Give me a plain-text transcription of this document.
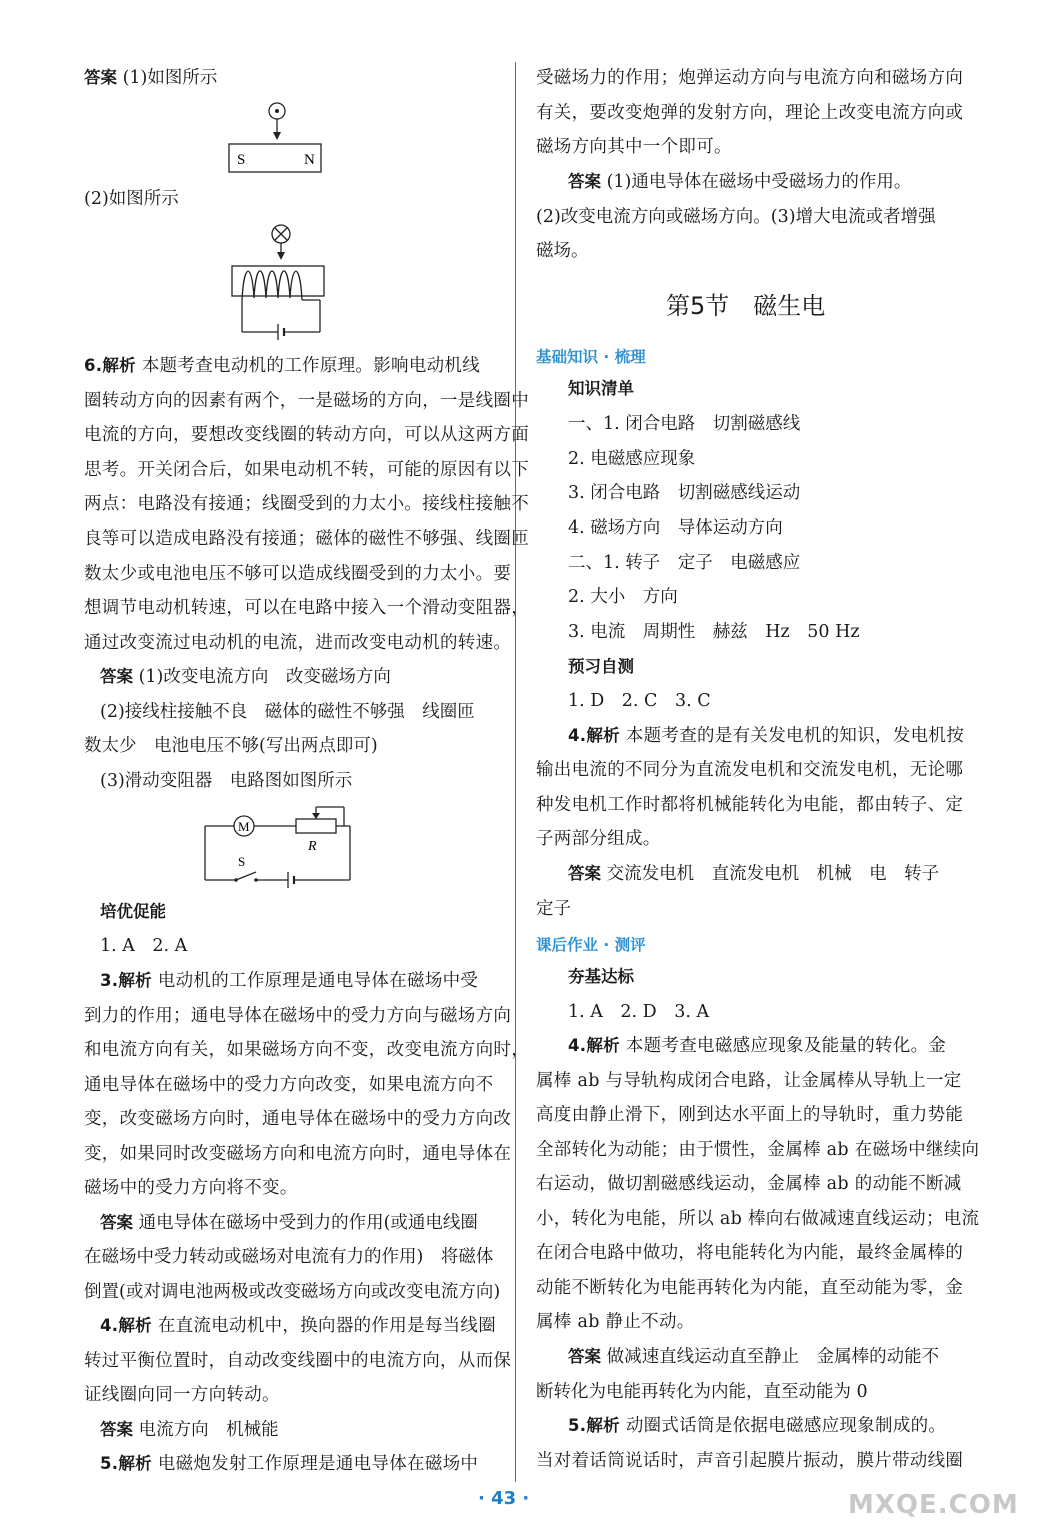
答案 (1)如图所示
S	N
(2)如图所示
6.解析 本题考查电动机的工作原理。影响电动机线
圈转动方向的因素有两个，一是磁场的方向，一是线圈中
电流的方向，要想改变线圈的转动方向，可以从这两方面
思考。开关闭合后，如果电动机不转，可能的原因有以下
两点：电路没有接通；线圈受到的力太小。接线柱接触不
良等可以造成电路没有接通；磁体的磁性不够强、线圈匝
数太少或电池电压不够可以造成线圈受到的力太小。要
想调节电动机转速，可以在电路中接入一个滑动变阻器，
通过改变流过电动机的电流，进而改变电动机的转速。
答案 (1)改变电流方向　改变磁场方向
(2)接线柱接触不良　磁体的磁性不够强　线圈匝
数太少　电池电压不够(写出两点即可)
(3)滑动变阻器　电路图如图所示
M
R
S
培优促能
1. A　2. A
3.解析 电动机的工作原理是通电导体在磁场中受
到力的作用；通电导体在磁场中的受力方向与磁场方向
和电流方向有关，如果磁场方向不变，改变电流方向时，
通电导体在磁场中的受力方向改变，如果电流方向不
变，改变磁场方向时，通电导体在磁场中的受力方向改
变，如果同时改变磁场方向和电流方向时，通电导体在
磁场中的受力方向将不变。
答案 通电导体在磁场中受到力的作用(或通电线圈
在磁场中受力转动或磁场对电流有力的作用)　将磁体
倒置(或对调电池两极或改变磁场方向或改变电流方向)
4.解析 在直流电动机中，换向器的作用是每当线圈
转过平衡位置时，自动改变线圈中的电流方向，从而保
证线圈向同一方向转动。
答案 电流方向　机械能
5.解析 电磁炮发射工作原理是通电导体在磁场中
受磁场力的作用；炮弹运动方向与电流方向和磁场方向
有关，要改变炮弹的发射方向，理论上改变电流方向或
磁场方向其中一个即可。
答案 (1)通电导体在磁场中受磁场力的作用。
(2)改变电流方向或磁场方向。(3)增大电流或者增强
磁场。
第5节　磁生电
基础知识 · 梳理
知识清单
一、1. 闭合电路　切割磁感线
2. 电磁感应现象
3. 闭合电路　切割磁感线运动
4. 磁场方向　导体运动方向
二、1. 转子　定子　电磁感应
2. 大小　方向
3. 电流　周期性　赫兹　Hz　50 Hz
预习自测
1. D　2. C　3. C
4.解析 本题考查的是有关发电机的知识，发电机按
输出电流的不同分为直流发电机和交流发电机，无论哪
种发电机工作时都将机械能转化为电能，都由转子、定
子两部分组成。
答案 交流发电机　直流发电机　机械　电　转子
定子
课后作业 · 测评
夯基达标
1. A　2. D　3. A
4.解析 本题考查电磁感应现象及能量的转化。金
属棒 ab 与导轨构成闭合电路，让金属棒从导轨上一定
高度由静止滑下，刚到达水平面上的导轨时，重力势能
全部转化为动能；由于惯性，金属棒 ab 在磁场中继续向
右运动，做切割磁感线运动，金属棒 ab 的动能不断减
小，转化为电能，所以 ab 棒向右做减速直线运动；电流
在闭合电路中做功，将电能转化为内能，最终金属棒的
动能不断转化为电能再转化为内能，直至动能为零，金
属棒 ab 静止不动。
答案 做减速直线运动直至静止　金属棒的动能不
断转化为电能再转化为内能，直至动能为 0
5.解析 动圈式话筒是依据电磁感应现象制成的。
当对着话筒说话时，声音引起膜片振动，膜片带动线圈
· 43 ·	MXQE.COM
